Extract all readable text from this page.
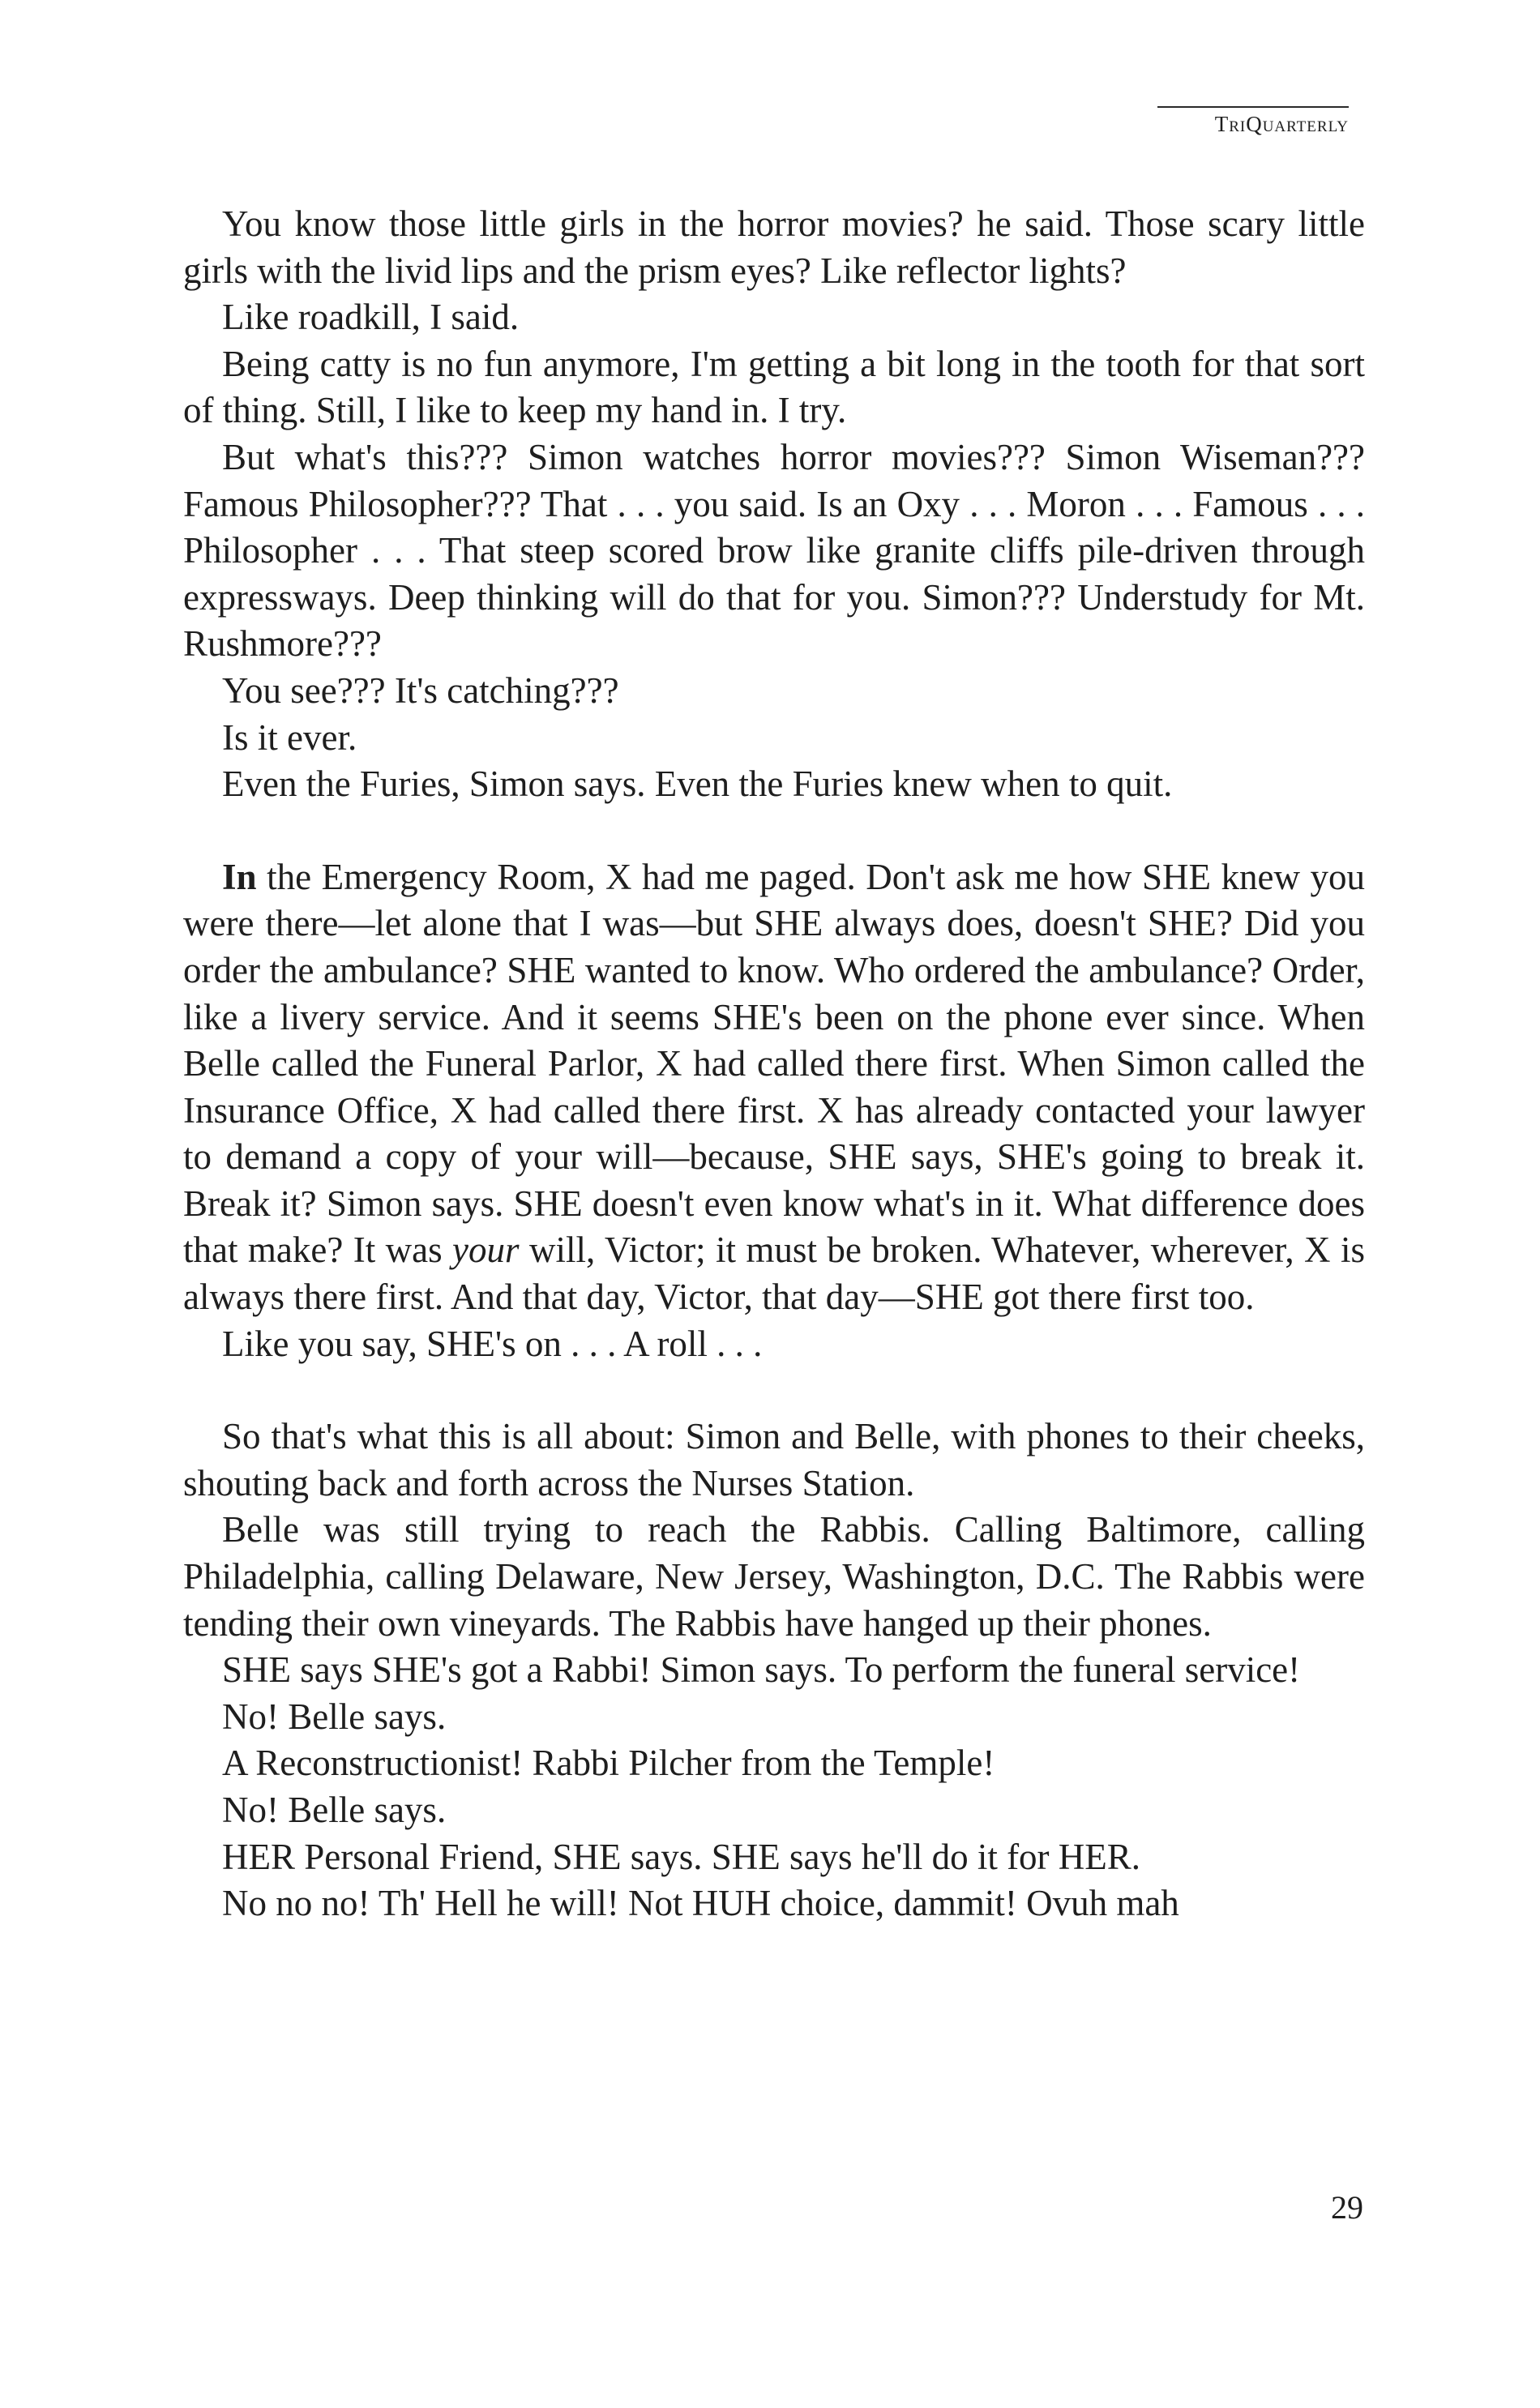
TriQuarterly

You know those little girls in the horror movies? he said. Those scary little girls with the livid lips and the prism eyes? Like reflector lights?

Like roadkill, I said.

Being catty is no fun anymore, I'm getting a bit long in the tooth for that sort of thing. Still, I like to keep my hand in. I try.

But what's this??? Simon watches horror movies??? Simon Wiseman??? Famous Philosopher??? That . . . you said. Is an Oxy . . . Moron . . . Famous . . . Philosopher . . . That steep scored brow like granite cliffs pile-driven through expressways. Deep thinking will do that for you. Simon??? Understudy for Mt. Rushmore???

You see??? It's catching???

Is it ever.

Even the Furies, Simon says. Even the Furies knew when to quit.

In the Emergency Room, X had me paged. Don't ask me how SHE knew you were there—let alone that I was—but SHE always does, doesn't SHE? Did you order the ambulance? SHE wanted to know. Who ordered the ambulance? Order, like a livery service. And it seems SHE's been on the phone ever since. When Belle called the Funeral Parlor, X had called there first. When Simon called the Insurance Office, X had called there first. X has already contacted your lawyer to demand a copy of your will—because, SHE says, SHE's going to break it. Break it? Simon says. SHE doesn't even know what's in it. What difference does that make? It was your will, Victor; it must be broken. Whatever, wherever, X is always there first. And that day, Victor, that day—SHE got there first too.

Like you say, SHE's on . . . A roll . . .

So that's what this is all about: Simon and Belle, with phones to their cheeks, shouting back and forth across the Nurses Station.

Belle was still trying to reach the Rabbis. Calling Baltimore, calling Philadelphia, calling Delaware, New Jersey, Washington, D.C. The Rabbis were tending their own vineyards. The Rabbis have hanged up their phones.

SHE says SHE's got a Rabbi! Simon says. To perform the funeral service!

No! Belle says.

A Reconstructionist! Rabbi Pilcher from the Temple!

No! Belle says.

HER Personal Friend, SHE says. SHE says he'll do it for HER.

No no no! Th' Hell he will! Not HUH choice, dammit! Ovuh mah

29
